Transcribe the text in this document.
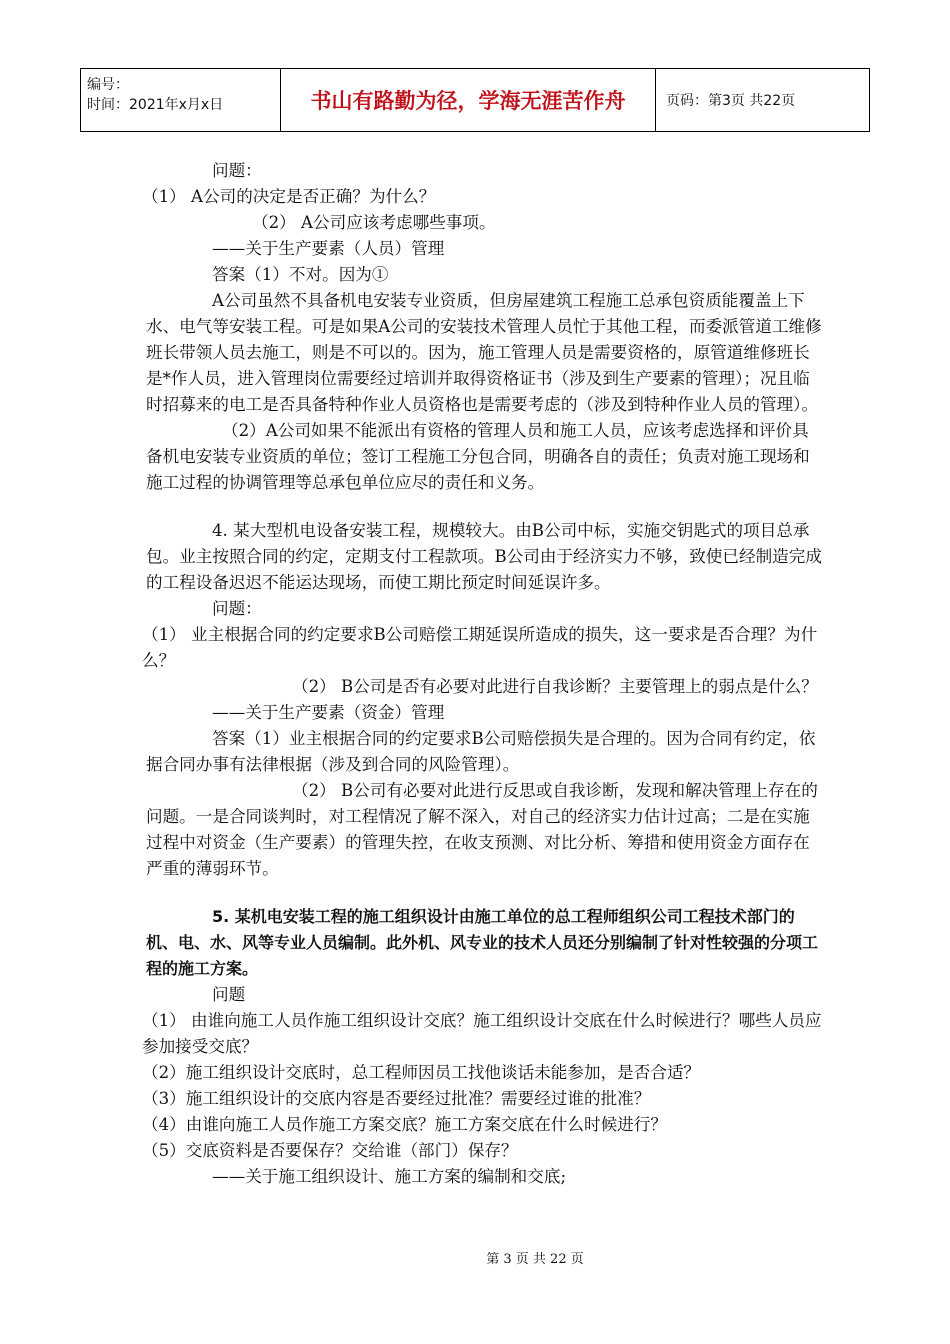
编号：
时间：2021年x月x日	书山有路勤为径，学海无涯苦作舟	页码：第3页 共22页

问题：

（1） A公司的决定是否正确？为什么？

（2） A公司应该考虑哪些事项。

——关于生产要素（人员）管理

答案（1）不对。因为①

A公司虽然不具备机电安装专业资质，但房屋建筑工程施工总承包资质能覆盖上下水、电气等安装工程。可是如果A公司的安装技术管理人员忙于其他工程，而委派管道工维修班长带领人员去施工，则是不可以的。因为，施工管理人员是需要资格的，原管道维修班长是*作人员，进入管理岗位需要经过培训并取得资格证书（涉及到生产要素的管理）；况且临时招募来的电工是否具备特种作业人员资格也是需要考虑的（涉及到特种作业人员的管理）。

（2）A公司如果不能派出有资格的管理人员和施工人员，应该考虑选择和评价具备机电安装专业资质的单位；签订工程施工分包合同，明确各自的责任；负责对施工现场和施工过程的协调管理等总承包单位应尽的责任和义务。

4. 某大型机电设备安装工程，规模较大。由B公司中标，实施交钥匙式的项目总承包。业主按照合同的约定，定期支付工程款项。B公司由于经济实力不够，致使已经制造完成的工程设备迟迟不能运达现场，而使工期比预定时间延误许多。

问题：

（1） 业主根据合同的约定要求B公司赔偿工期延误所造成的损失，这一要求是否合理？为什么？

（2） B公司是否有必要对此进行自我诊断？主要管理上的弱点是什么？

——关于生产要素（资金）管理

答案（1）业主根据合同的约定要求B公司赔偿损失是合理的。因为合同有约定，依据合同办事有法律根据（涉及到合同的风险管理）。

（2） B公司有必要对此进行反思或自我诊断，发现和解决管理上存在的问题。一是合同谈判时，对工程情况了解不深入，对自己的经济实力估计过高；二是在实施过程中对资金（生产要素）的管理失控，在收支预测、对比分析、筹措和使用资金方面存在严重的薄弱环节。

5. 某机电安装工程的施工组织设计由施工单位的总工程师组织公司工程技术部门的机、电、水、风等专业人员编制。此外机、风专业的技术人员还分别编制了针对性较强的分项工程的施工方案。

问题

（1） 由谁向施工人员作施工组织设计交底？施工组织设计交底在什么时候进行？哪些人员应参加接受交底？

（2）施工组织设计交底时，总工程师因员工找他谈话未能参加，是否合适？

（3）施工组织设计的交底内容是否要经过批准？需要经过谁的批准？

（4）由谁向施工人员作施工方案交底？施工方案交底在什么时候进行？

（5）交底资料是否要保存？交给谁（部门）保存？

——关于施工组织设计、施工方案的编制和交底;

第 3 页 共 22 页
